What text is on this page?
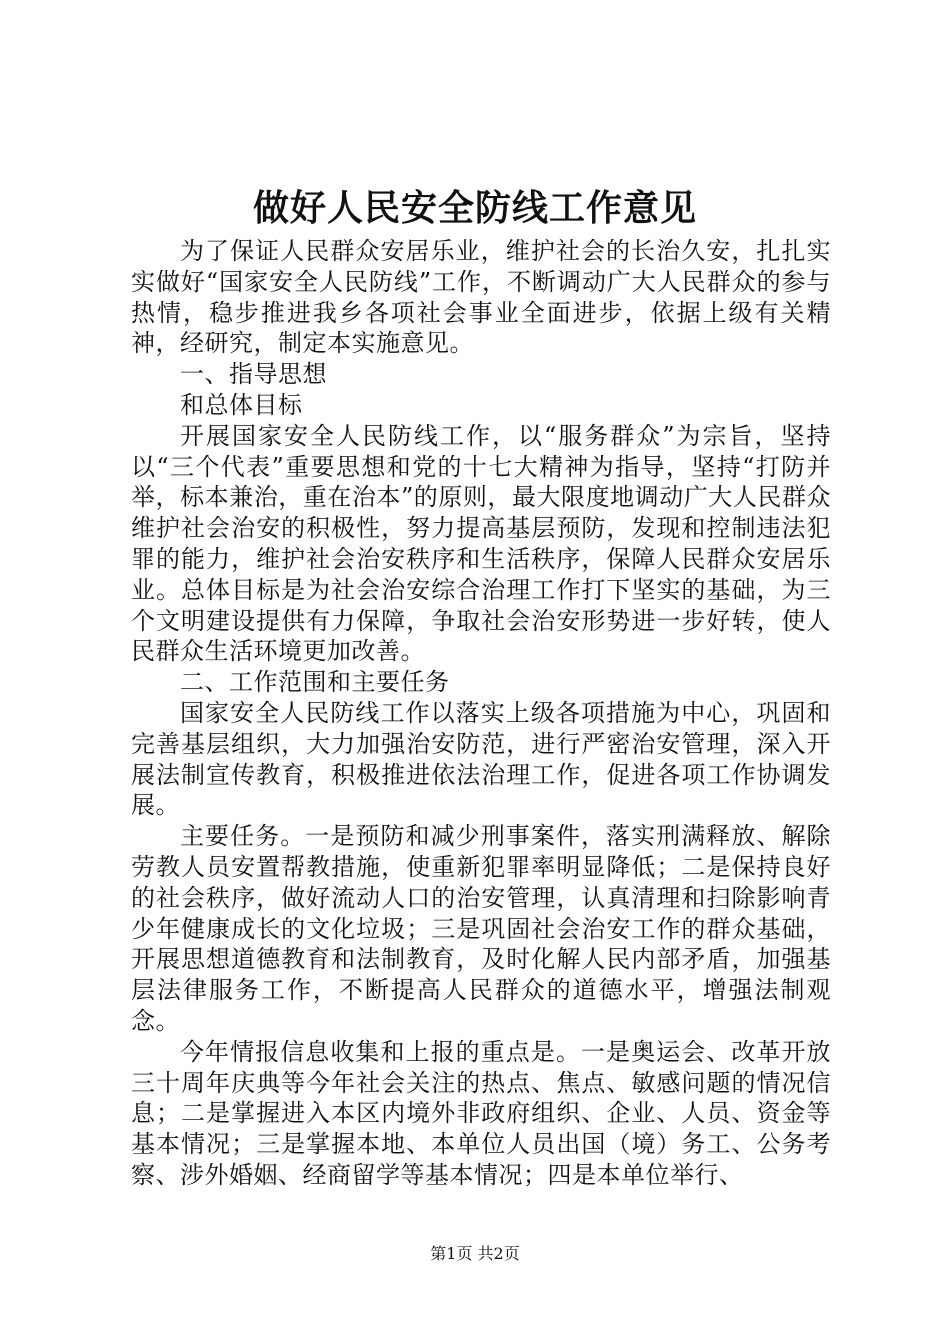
做好人民安全防线工作意见

为了保证人民群众安居乐业，维护社会的长治久安，扎扎实实做好“国家安全人民防线”工作，不断调动广大人民群众的参与热情，稳步推进我乡各项社会事业全面进步，依据上级有关精神，经研究，制定本实施意见。

一、指导思想

和总体目标

开展国家安全人民防线工作，以“服务群众”为宗旨，坚持以“三个代表”重要思想和党的十七大精神为指导，坚持“打防并举，标本兼治，重在治本”的原则，最大限度地调动广大人民群众维护社会治安的积极性，努力提高基层预防，发现和控制违法犯罪的能力，维护社会治安秩序和生活秩序，保障人民群众安居乐业。总体目标是为社会治安综合治理工作打下坚实的基础，为三个文明建设提供有力保障，争取社会治安形势进一步好转，使人民群众生活环境更加改善。

二、工作范围和主要任务

国家安全人民防线工作以落实上级各项措施为中心，巩固和完善基层组织，大力加强治安防范，进行严密治安管理，深入开展法制宣传教育，积极推进依法治理工作，促进各项工作协调发展。

主要任务。一是预防和减少刑事案件，落实刑满释放、解除劳教人员安置帮教措施，使重新犯罪率明显降低；二是保持良好的社会秩序，做好流动人口的治安管理，认真清理和扫除影响青少年健康成长的文化垃圾；三是巩固社会治安工作的群众基础，开展思想道德教育和法制教育，及时化解人民内部矛盾，加强基层法律服务工作，不断提高人民群众的道德水平，增强法制观念。

今年情报信息收集和上报的重点是。一是奥运会、改革开放三十周年庆典等今年社会关注的热点、焦点、敏感问题的情况信息；二是掌握进入本区内境外非政府组织、企业、人员、资金等基本情况；三是掌握本地、本单位人员出国（境）务工、公务考察、涉外婚姻、经商留学等基本情况；四是本单位举行、

第1页 共2页
